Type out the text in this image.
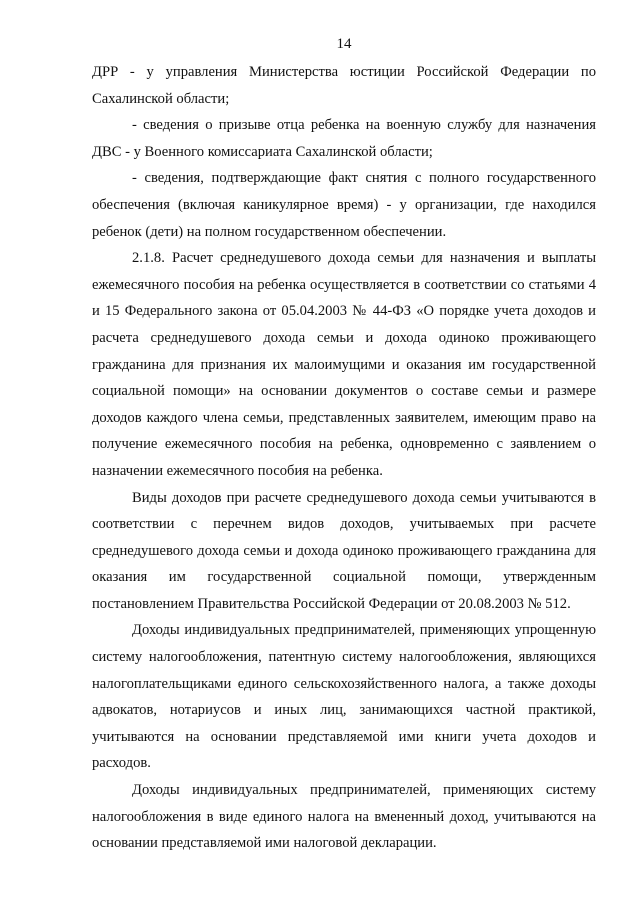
14

ДРР - у управления Министерства юстиции Российской Федерации по Сахалинской области;

- сведения о призыве отца ребенка на военную службу для назначения ДВС - у Военного комиссариата Сахалинской области;

- сведения, подтверждающие факт снятия с полного государственного обеспечения (включая каникулярное время) - у организации, где находился ребенок (дети) на полном государственном обеспечении.

2.1.8. Расчет среднедушевого дохода семьи для назначения и выплаты ежемесячного пособия на ребенка осуществляется в соответствии со статьями 4 и 15 Федерального закона от 05.04.2003 № 44-ФЗ «О порядке учета доходов и расчета среднедушевого дохода семьи и дохода одиноко проживающего гражданина для признания их малоимущими и оказания им государственной социальной помощи» на основании документов о составе семьи и размере доходов каждого члена семьи, представленных заявителем, имеющим право на получение ежемесячного пособия на ребенка, одновременно с заявлением о назначении ежемесячного пособия на ребенка.

Виды доходов при расчете среднедушевого дохода семьи учитываются в соответствии с перечнем видов доходов, учитываемых при расчете среднедушевого дохода семьи и дохода одиноко проживающего гражданина для оказания им государственной социальной помощи, утвержденным постановлением Правительства Российской Федерации от 20.08.2003 № 512.

Доходы индивидуальных предпринимателей, применяющих упрощенную систему налогообложения, патентную систему налогообложения, являющихся налогоплательщиками единого сельскохозяйственного налога, а также доходы адвокатов, нотариусов и иных лиц, занимающихся частной практикой, учитываются на основании представляемой ими книги учета доходов и расходов.

Доходы индивидуальных предпринимателей, применяющих систему налогообложения в виде единого налога на вмененный доход, учитываются на основании представляемой ими налоговой декларации.
